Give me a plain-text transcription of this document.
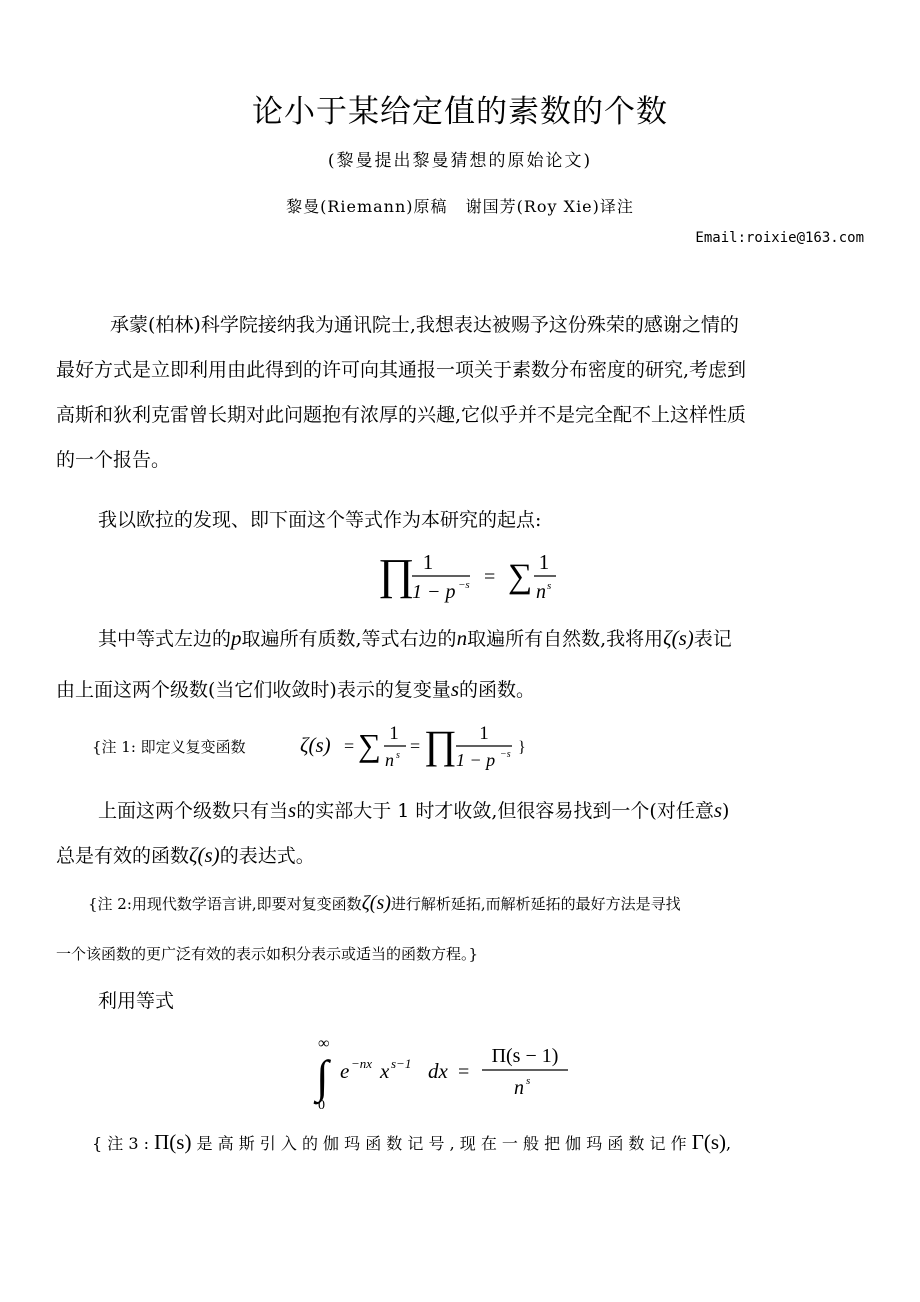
论小于某给定值的素数的个数
(黎曼提出黎曼猜想的原始论文)
黎曼(Riemann)原稿 谢国芳(Roy Xie)译注
Email:roixie@163.com
承蒙(柏林)科学院接纳我为通讯院士,我想表达被赐予这份殊荣的感谢之情的
最好方式是立即利用由此得到的许可向其通报一项关于素数分布密度的研究,考虑到
高斯和狄利克雷曾长期对此问题抱有浓厚的兴趣,它似乎并不是完全配不上这样性质
的一个报告。
我以欧拉的发现、即下面这个等式作为本研究的起点:
∏ 1
1 − p −s = ∑ 1
n s
其中等式左边的p取遍所有质数,等式右边的n取遍所有自然数,我将用ζ(s)表记
由上面这两个级数(当它们收敛时)表示的复变量s的函数。
{注 1: 即定义复变函数	ζ(s) = ∑ 1
n s = ∏ 1
1 − p −s }
上面这两个级数只有当s的实部大于 1 时才收敛,但很容易找到一个(对任意s)
总是有效的函数ζ(s)的表达式。
{注 2:用现代数学语言讲,即要对复变函数ζ(s)进行解析延拓,而解析延拓的最好方法是寻找
一个该函数的更广泛有效的表示如积分表示或适当的函数方程。}
利用等式
∞
∫
0
e −nx x s−1 dx =
Π(s − 1)
n s
{ 注 3 : Π(s) 是 高 斯 引 入 的 伽 玛 函 数 记 号 , 现 在 一 般 把 伽 玛 函 数 记 作 Γ(s),
